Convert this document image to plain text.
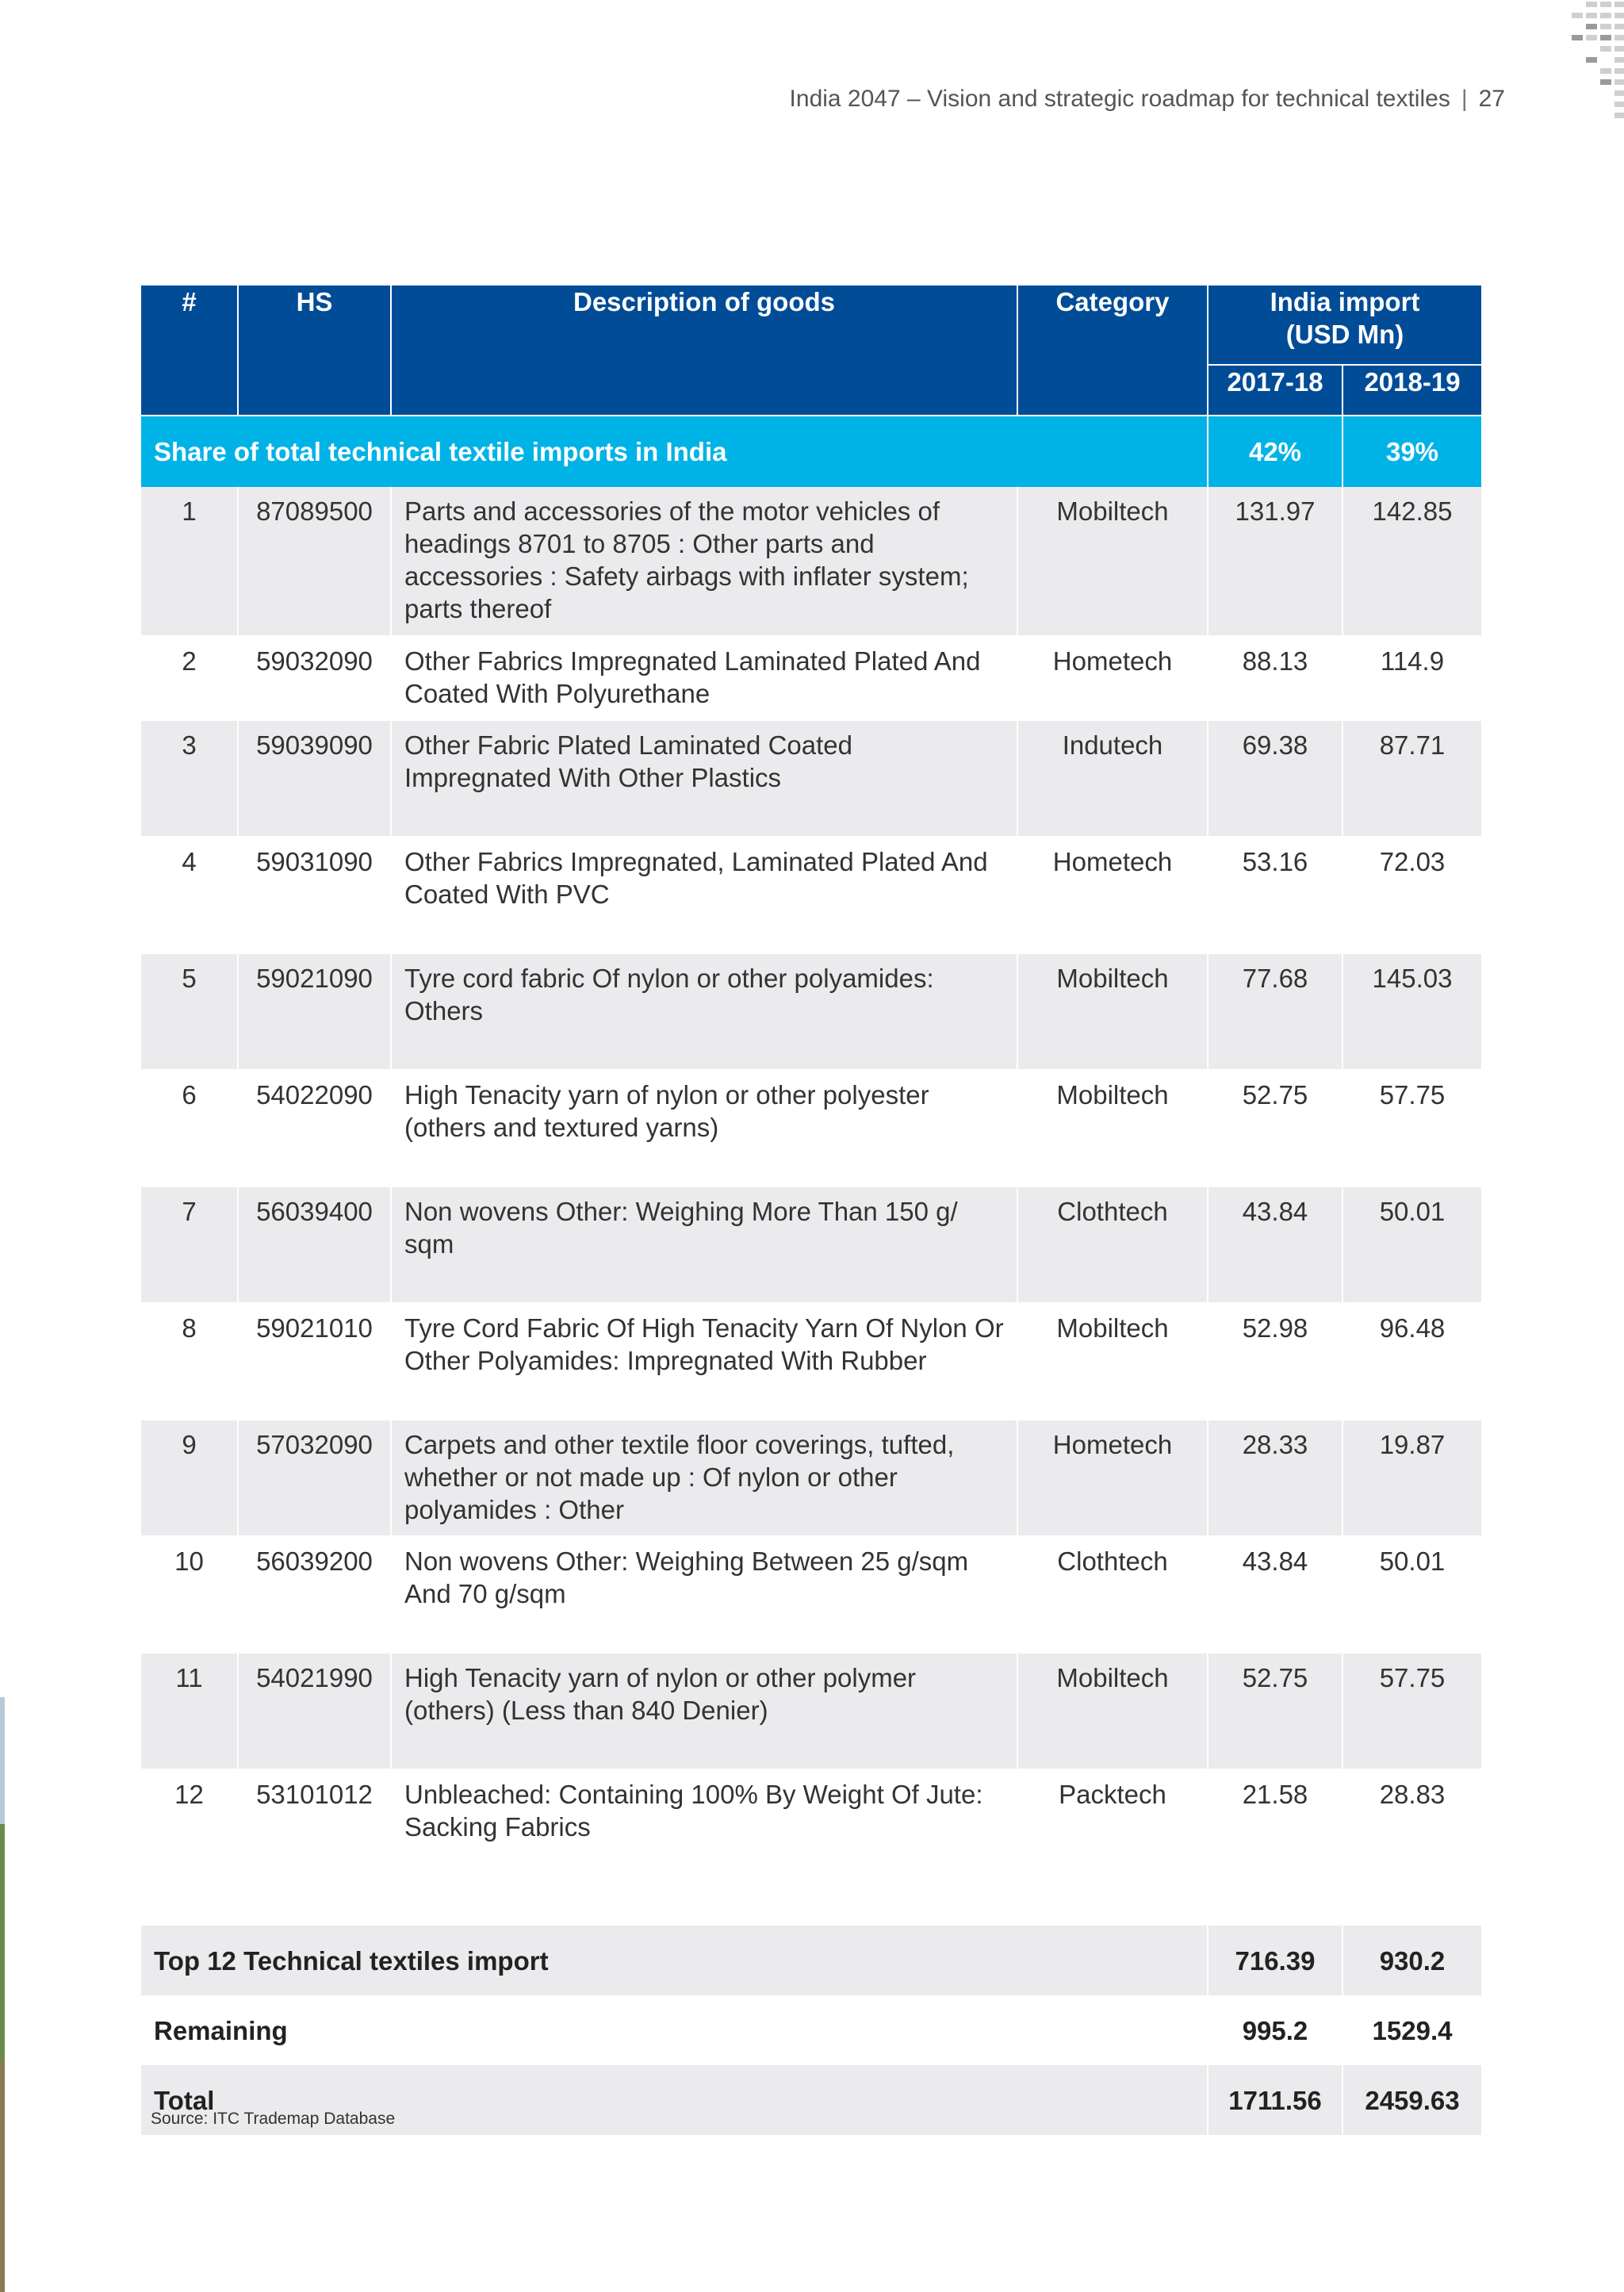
India 2047 – Vision and strategic roadmap for technical textiles | 27
#	HS	Description of goods	Category	India import (USD Mn)	
				2017-18	2018-19
Share of total technical textile imports in India				42%	39%
1	87089500	Parts and accessories of the motor vehicles of headings 8701 to 8705 : Other parts and accessories : Safety airbags with inflater system; parts thereof	Mobiltech	131.97	142.85
2	59032090	Other Fabrics Impregnated Laminated Plated And Coated With Polyurethane	Hometech	88.13	114.9
3	59039090	Other Fabric Plated Laminated Coated Impregnated With Other Plastics	Indutech	69.38	87.71
4	59031090	Other Fabrics Impregnated, Laminated Plated And Coated With PVC	Hometech	53.16	72.03
5	59021090	Tyre cord fabric Of nylon or other polyamides: Others	Mobiltech	77.68	145.03
6	54022090	High Tenacity yarn of nylon or other polyester (others and textured yarns)	Mobiltech	52.75	57.75
7	56039400	Non wovens Other: Weighing More Than 150 g/ sqm	Clothtech	43.84	50.01
8	59021010	Tyre Cord Fabric Of High Tenacity Yarn Of Nylon Or Other Polyamides: Impregnated With Rubber	Mobiltech	52.98	96.48
9	57032090	Carpets and other textile floor coverings, tufted, whether or not made up : Of nylon or other polyamides : Other	Hometech	28.33	19.87
10	56039200	Non wovens Other: Weighing Between 25 g/sqm And 70 g/sqm	Clothtech	43.84	50.01
11	54021990	High Tenacity yarn of nylon or other polymer (others) (Less than 840 Denier)	Mobiltech	52.75	57.75
12	53101012	Unbleached: Containing 100% By Weight Of Jute: Sacking Fabrics	Packtech	21.58	28.83

Top 12 Technical textiles import				716.39	930.2
Remaining				995.2	1529.4
Total				1711.56	2459.63
Source: ITC Trademap Database
